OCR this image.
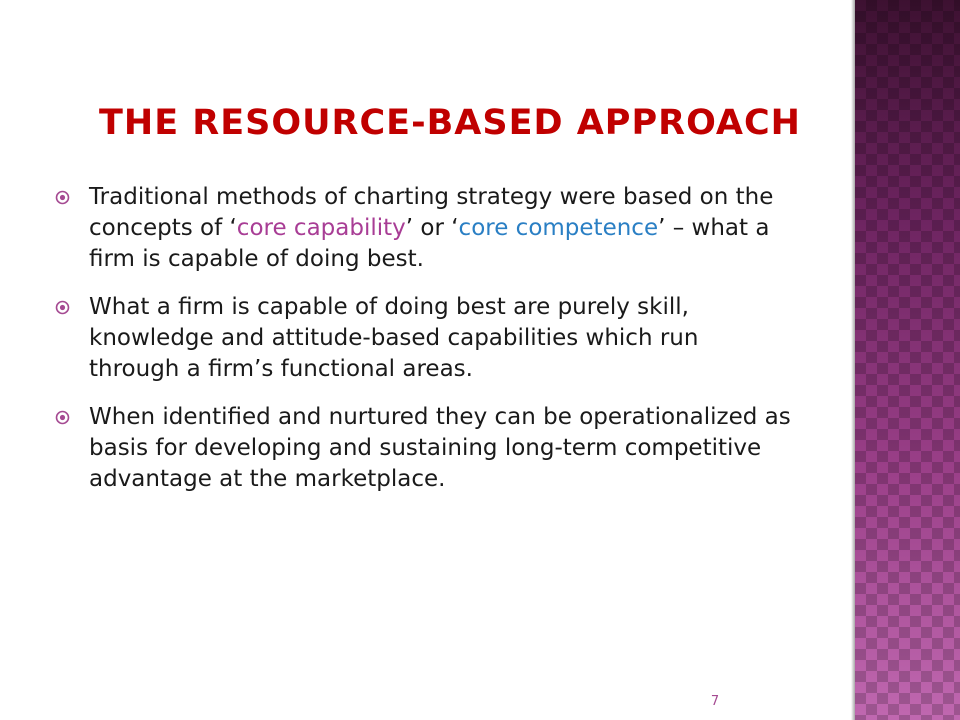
THE RESOURCE-BASED APPROACH
Traditional methods of charting strategy were based on the concepts of ‘core capability’ or ‘core competence’ – what a firm is capable of doing best.
What a firm is capable of doing best are purely skill, knowledge and attitude-based capabilities which run through a firm’s functional areas.
When identified and nurtured they can be operationalized as basis for developing and sustaining long-term competitive advantage at the marketplace.
7
